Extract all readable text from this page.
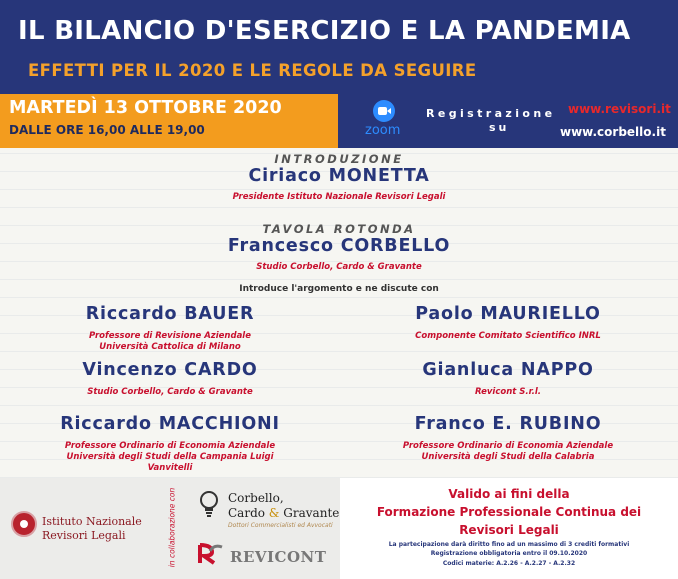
IL BILANCIO D'ESERCIZIO E LA PANDEMIA
EFFETTI PER IL 2020 E LE REGOLE DA SEGUIRE
MARTEDÌ 13 OTTOBRE 2020
DALLE ORE 16,00 ALLE 19,00	zoom
Registrazione
su
www.revisori.it
www.corbello.it
INTRODUZIONE
Ciriaco MONETTA
Presidente Istituto Nazionale Revisori Legali
TAVOLA ROTONDA
Francesco CORBELLO
Studio Corbello, Cardo & Gravante
Introduce l'argomento e ne discute con
Riccardo BAUER
Professore di Revisione Aziendale
Università Cattolica di Milano
Paolo MAURIELLO
Componente Comitato Scientifico INRL
Vincenzo CARDO
Studio Corbello, Cardo & Gravante
Gianluca NAPPO
Revicont S.r.l.
Riccardo MACCHIONI
Professore Ordinario di Economia Aziendale
Università degli Studi della Campania Luigi
Vanvitelli
Franco E. RUBINO
Professore Ordinario di Economia Aziendale
Università degli Studi della Calabria
Istituto Nazionale
Revisori Legali	in collaborazione con	Corbello,
Cardo & Gravante
Dottori Commercialisti ed Avvocati
REVICONT
Valido ai fini della
Formazione Professionale Continua dei
Revisori Legali
La partecipazione darà diritto fino ad un massimo di 3 crediti formativi
Registrazione obbligatoria entro il 09.10.2020
Codici materie: A.2.26 - A.2.27 - A.2.32
